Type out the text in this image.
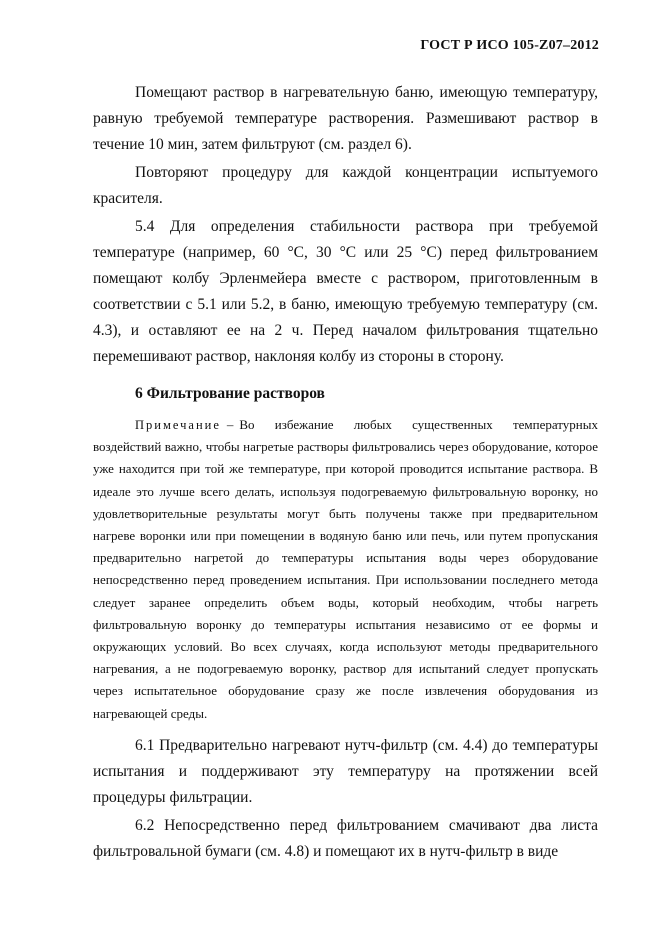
ГОСТ Р ИСО 105-Z07–2012

Помещают раствор в нагревательную баню, имеющую температуру, равную требуемой температуре растворения. Размешивают раствор в течение 10 мин, затем фильтруют (см. раздел 6).

Повторяют процедуру для каждой концентрации испытуемого красителя.

5.4 Для определения стабильности раствора при требуемой температуре (например, 60 °С, 30 °С или 25 °С) перед фильтрованием помещают колбу Эрленмейера вместе с раствором, приготовленным в соответствии с 5.1 или 5.2, в баню, имеющую требуемую температуру (см. 4.3), и оставляют ее на 2 ч. Перед началом фильтрования тщательно перемешивают раствор, наклоняя колбу из стороны в сторону.

6 Фильтрование растворов

Примечание – Во избежание любых существенных температурных воздействий важно, чтобы нагретые растворы фильтровались через оборудование, которое уже находится при той же температуре, при которой проводится испытание раствора. В идеале это лучше всего делать, используя подогреваемую фильтровальную воронку, но удовлетворительные результаты могут быть получены также при предварительном нагреве воронки или при помещении в водяную баню или печь, или путем пропускания предварительно нагретой до температуры испытания воды через оборудование непосредственно перед проведением испытания. При использовании последнего метода следует заранее определить объем воды, который необходим, чтобы нагреть фильтровальную воронку до температуры испытания независимо от ее формы и окружающих условий. Во всех случаях, когда используют методы предварительного нагревания, а не подогреваемую воронку, раствор для испытаний следует пропускать через испытательное оборудование сразу же после извлечения оборудования из нагревающей среды.

6.1 Предварительно нагревают нутч-фильтр (см. 4.4) до температуры испытания и поддерживают эту температуру на протяжении всей процедуры фильтрации.

6.2 Непосредственно перед фильтрованием смачивают два листа фильтровальной бумаги (см. 4.8) и помещают их в нутч-фильтр в виде
